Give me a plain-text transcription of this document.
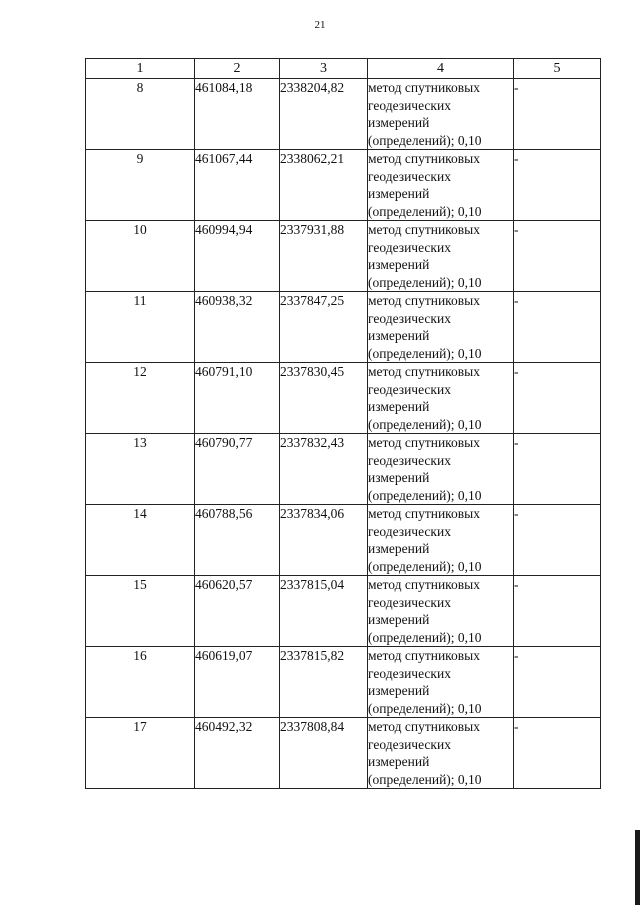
21
1	2	3	4	5
8	461084,18	2338204,82	метод спутниковых
геодезических
измерений
(определений); 0,10	-
9	461067,44	2338062,21	метод спутниковых
геодезических
измерений
(определений); 0,10	-
10	460994,94	2337931,88	метод спутниковых
геодезических
измерений
(определений); 0,10	-
11	460938,32	2337847,25	метод спутниковых
геодезических
измерений
(определений); 0,10	-
12	460791,10	2337830,45	метод спутниковых
геодезических
измерений
(определений); 0,10	-
13	460790,77	2337832,43	метод спутниковых
геодезических
измерений
(определений); 0,10	-
14	460788,56	2337834,06	метод спутниковых
геодезических
измерений
(определений); 0,10	-
15	460620,57	2337815,04	метод спутниковых
геодезических
измерений
(определений); 0,10	-
16	460619,07	2337815,82	метод спутниковых
геодезических
измерений
(определений); 0,10	-
17	460492,32	2337808,84	метод спутниковых
геодезических
измерений
(определений); 0,10	-
